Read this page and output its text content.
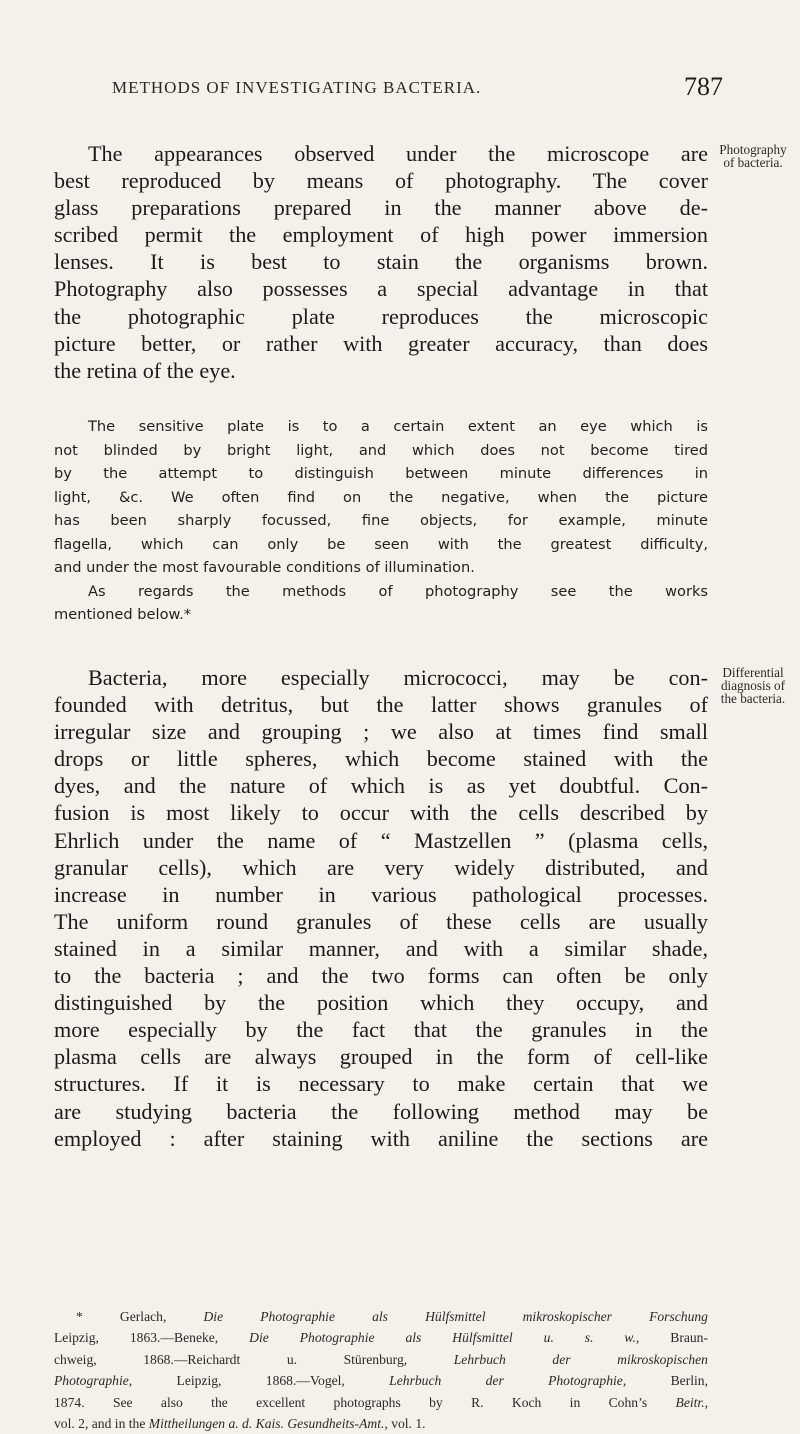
METHODS OF INVESTIGATING BACTERIA.	787
The appearances observed under the microscope are
best reproduced by means of photography. The cover
glass preparations prepared in the manner above de-
scribed permit the employment of high power immersion
lenses. It is best to stain the organisms brown.
Photography also possesses a special advantage in that
the photographic plate reproduces the microscopic
picture better, or rather with greater accuracy, than does
the retina of the eye.
Photography
of bacteria.
The sensitive plate is to a certain extent an eye which is
not blinded by bright light, and which does not become tired
by the attempt to distinguish between minute differences in
light, &c. We often find on the negative, when the picture
has been sharply focussed, fine objects, for example, minute
flagella, which can only be seen with the greatest difficulty,
and under the most favourable conditions of illumination.
As regards the methods of photography see the works
mentioned below.*
Bacteria, more especially micrococci, may be con-
founded with detritus, but the latter shows granules of
irregular size and grouping ; we also at times find small
drops or little spheres, which become stained with the
dyes, and the nature of which is as yet doubtful. Con-
fusion is most likely to occur with the cells described by
Ehrlich under the name of “ Mastzellen ” (plasma cells,
granular cells), which are very widely distributed, and
increase in number in various pathological processes.
The uniform round granules of these cells are usually
stained in a similar manner, and with a similar shade,
to the bacteria ; and the two forms can often be only
distinguished by the position which they occupy, and
more especially by the fact that the granules in the
plasma cells are always grouped in the form of cell-like
structures. If it is necessary to make certain that we
are studying bacteria the following method may be
employed : after staining with aniline the sections are
Differential
diagnosis of
the bacteria.
*	Gerlach,	Die Photographie als Hülfsmittel mikroskopischer Forschung
Leipzig, 1863.—Beneke, Die Photographie als Hülfsmittel u. s. w., Braun-
chweig, 1868.—Reichardt u. Stürenburg,	Lehrbuch der mikroskopischen
Photographie,	Leipzig, 1868.—Vogel,	Lehrbuch der Photographie,	Berlin,
1874. See also the excellent photographs by R. Koch in Cohn’s Beitr.,
vol. 2, and in the Mittheilungen a. d. Kais. Gesundheits-Amt., vol. 1.
